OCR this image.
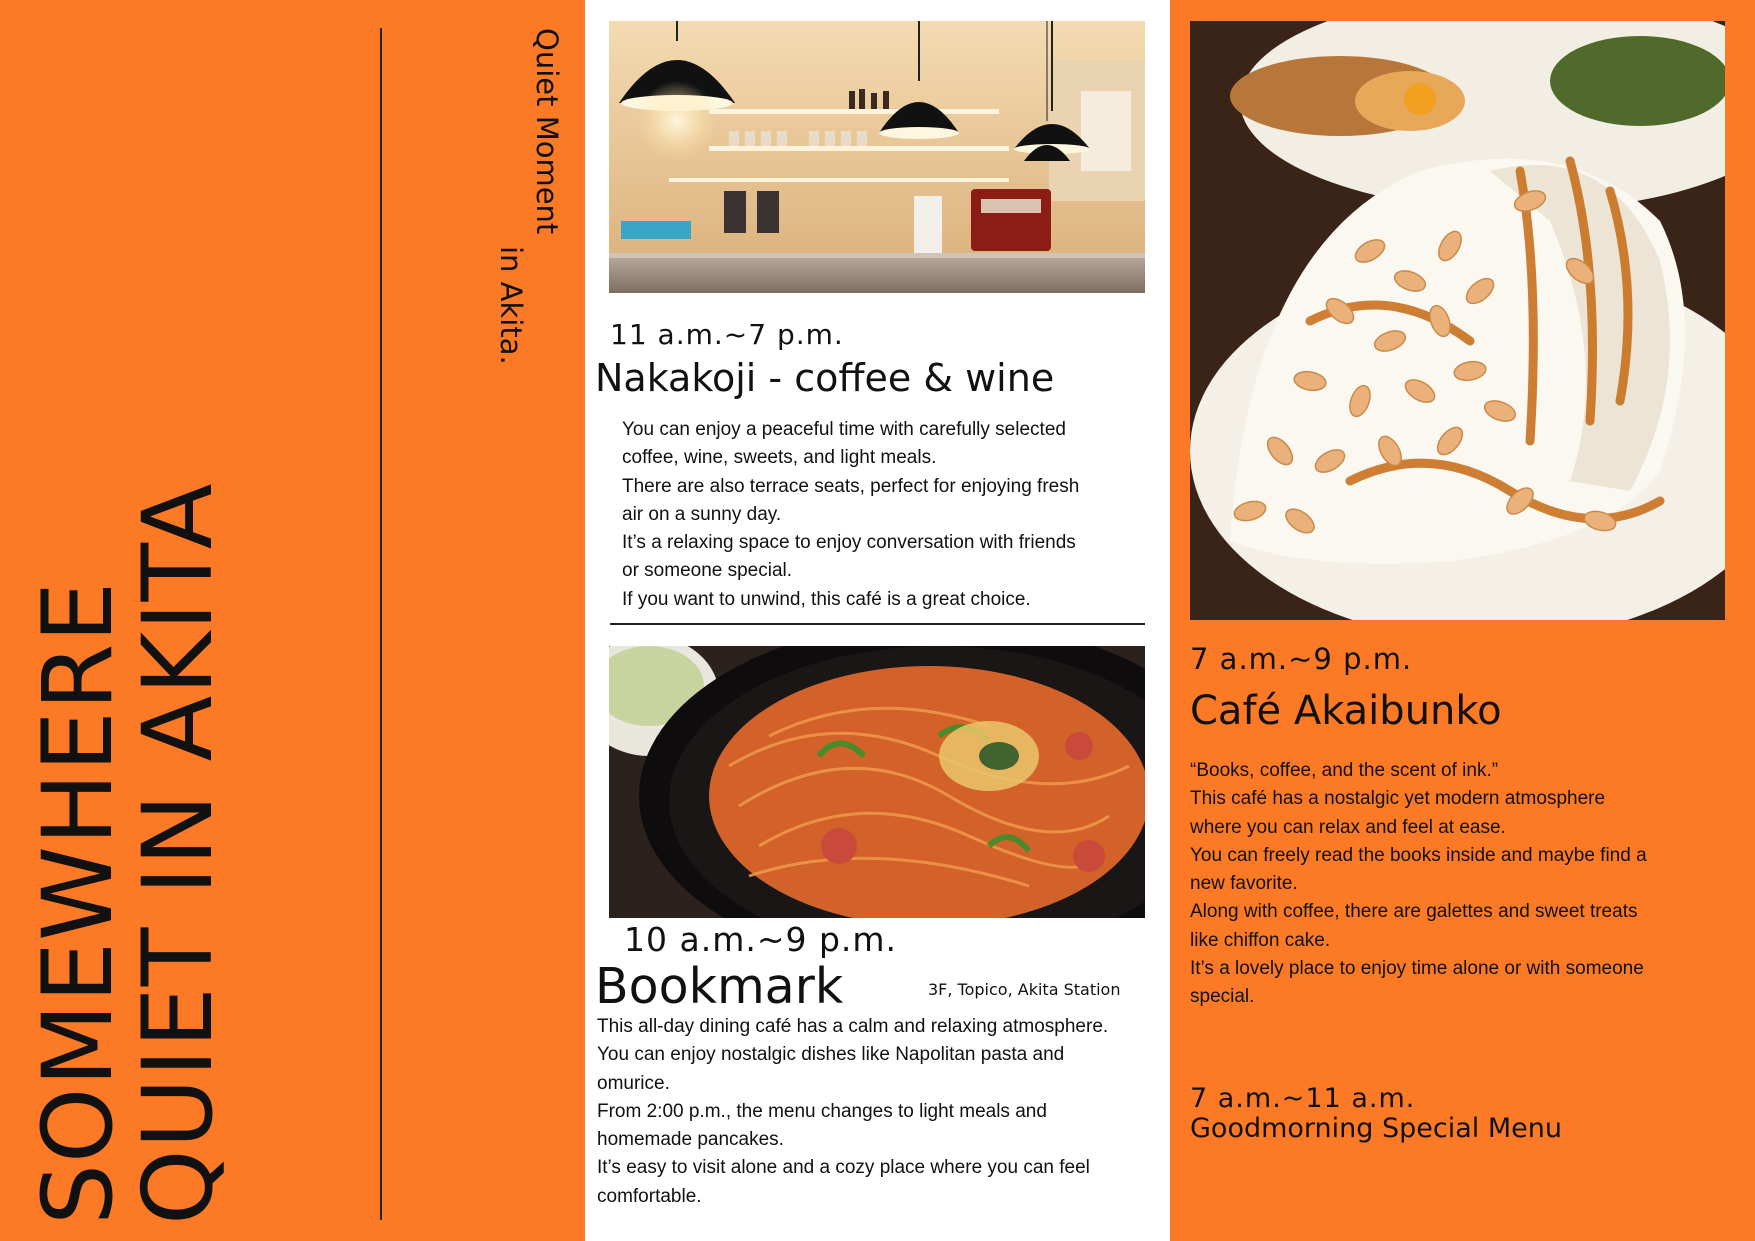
SOMEWHERE
QUIET IN AKITA
Quiet Moment
in Akita.	11 a.m.~7 p.m.
Nakakoji - coffee & wine

You can enjoy a peaceful time with carefully selected

coffee, wine, sweets, and light meals.

There are also terrace seats, perfect for enjoying fresh

air on a sunny day.

It’s a relaxing space to enjoy conversation with friends

or someone special.

If you want to unwind, this café is a great choice.

10 a.m.~9 p.m.
Bookmark	3F, Topico, Akita Station

This all-day dining café has a calm and relaxing atmosphere.

You can enjoy nostalgic dishes like Napolitan pasta and

omurice.

From 2:00 p.m., the menu changes to light meals and

homemade pancakes.

It’s easy to visit alone and a cozy place where you can feel

comfortable.

7 a.m.~9 p.m.
Café Akaibunko

“Books, coffee, and the scent of ink.”

This café has a nostalgic yet modern atmosphere

where you can relax and feel at ease.

You can freely read the books inside and maybe find a

new favorite.

Along with coffee, there are galettes and sweet treats

like chiffon cake.

It’s a lovely place to enjoy time alone or with someone

special.

7 a.m.~11 a.m.
Goodmorning Special Menu
